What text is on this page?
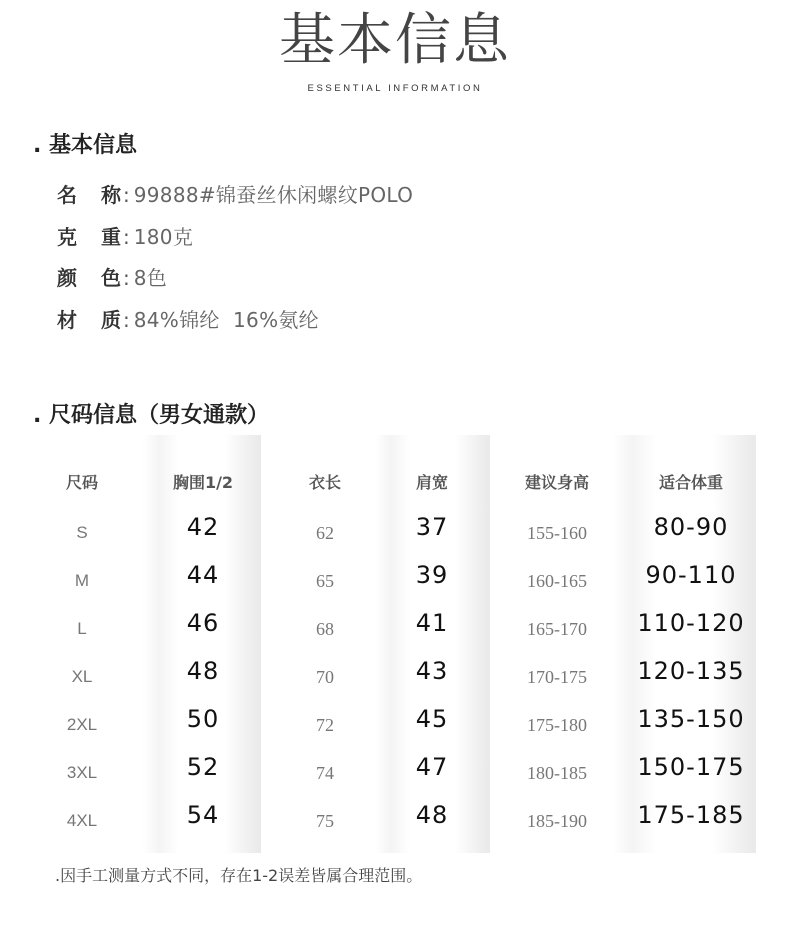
基本信息
ESSENTIAL INFORMATION
. 基本信息
名 称 : 99888#锦蚕丝休闲螺纹POLO
克 重 : 180克
颜 色 : 8色
材 质 : 84%锦纶  16%氨纶
. 尺码信息（男女通款）
尺码	胸围1/2	衣长	肩宽	建议身高	适合体重
S	42	62	37	155-160	80-90
M	44	65	39	160-165	90-110
L	46	68	41	165-170	110-120
XL	48	70	43	170-175	120-135
2XL	50	72	45	175-180	135-150
3XL	52	74	47	180-185	150-175
4XL	54	75	48	185-190	175-185
.因手工测量方式不同，存在1-2误差皆属合理范围。
